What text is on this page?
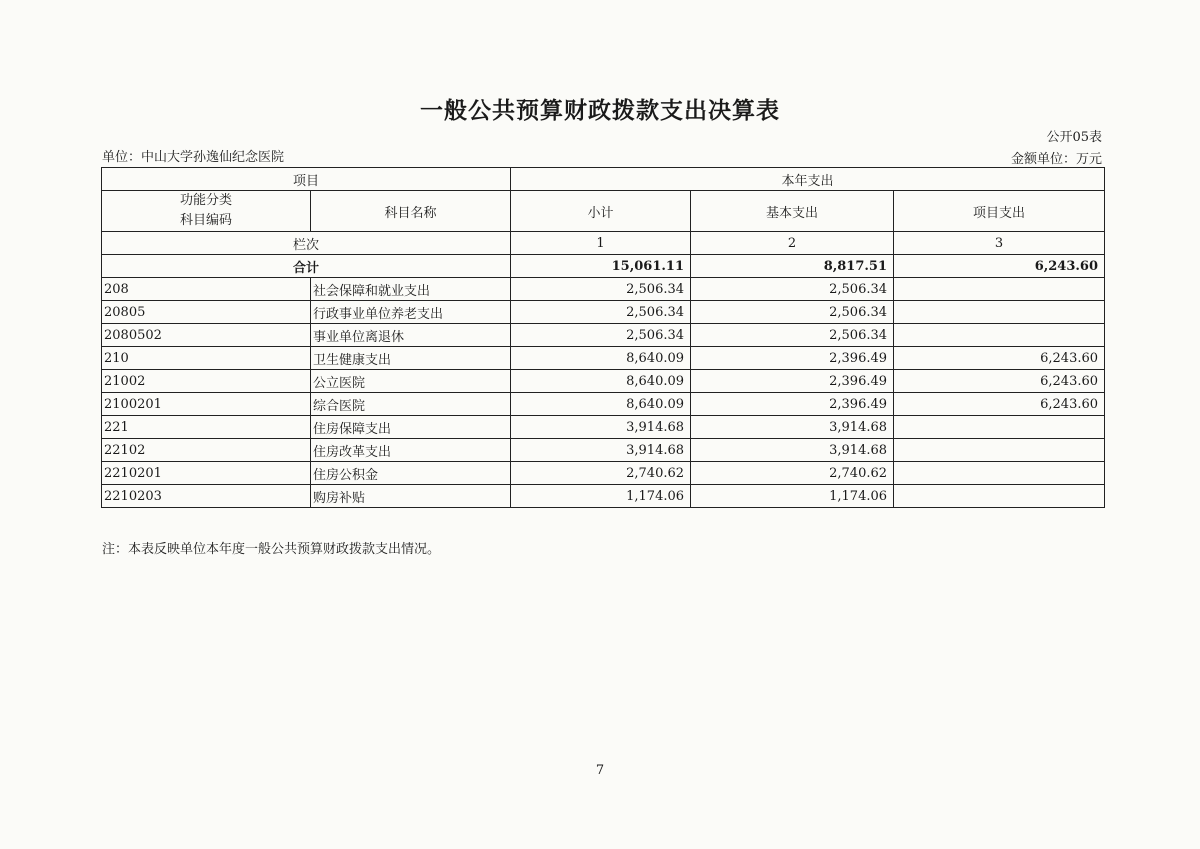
一般公共预算财政拨款支出决算表
公开05表
单位：中山大学孙逸仙纪念医院	金额单位：万元
项目		本年支出		

功能分类
科目编码	科目名称	小计	基本支出	项目支出
栏次		1	2	3
合计		15,061.11	8,817.51	6,243.60
208	社会保障和就业支出	2,506.34	2,506.34	
20805	行政事业单位养老支出	2,506.34	2,506.34	
2080502	事业单位离退休	2,506.34	2,506.34	
210	卫生健康支出	8,640.09	2,396.49	6,243.60
21002	公立医院	8,640.09	2,396.49	6,243.60
2100201	综合医院	8,640.09	2,396.49	6,243.60
221	住房保障支出	3,914.68	3,914.68	
22102	住房改革支出	3,914.68	3,914.68	
2210201	住房公积金	2,740.62	2,740.62	
2210203	购房补贴	1,174.06	1,174.06	
注：本表反映单位本年度一般公共预算财政拨款支出情况。
7
